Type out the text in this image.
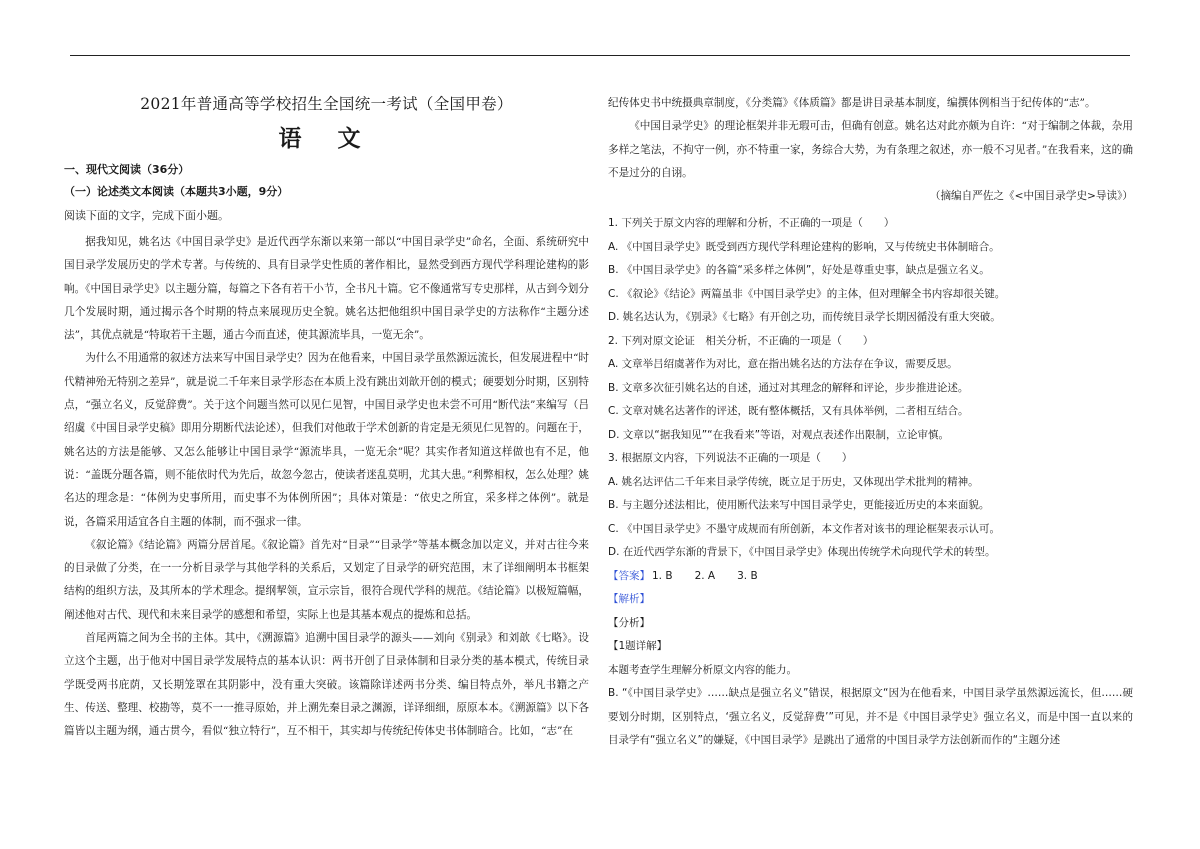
2021年普通高等学校招生全国统一考试（全国甲卷）
语 文
一、现代文阅读（36分）
（一）论述类文本阅读（本题共3小题，9分）
阅读下面的文字，完成下面小题。

据我知见，姚名达《中国目录学史》是近代西学东渐以来第一部以“中国目录学史”命名，全面、系统研究中国目录学发展历史的学术专著。与传统的、具有目录学史性质的著作相比，显然受到西方现代学科理论建构的影响。《中国目录学史》以主题分篇，每篇之下各有若干小节，全书凡十篇。它不像通常写专史那样，从古到今划分几个发展时期，通过揭示各个时期的特点来展现历史全貌。姚名达把他组织中国目录学史的方法称作“主题分述法”，其优点就是“特取若干主题，通古今而直述，使其源流毕具，一览无余”。

为什么不用通常的叙述方法来写中国目录学史？因为在他看来，中国目录学虽然源远流长，但发展进程中“时代精神殆无特别之差异”，就是说二千年来目录学形态在本质上没有跳出刘歆开创的模式；硬要划分时期，区别特点，“强立名义，反觉辞费”。关于这个问题当然可以见仁见智，中国目录学史也未尝不可用“断代法”来编写（吕绍虞《中国目录学史稿》即用分期断代法论述），但我们对他敢于学术创新的肯定是无须见仁见智的。问题在于，姚名达的方法是能够、又怎么能够让中国目录学“源流毕具，一览无余”呢？其实作者知道这样做也有不足，他说：“盖既分题各篇，则不能依时代为先后，故忽今忽古，使读者迷乱莫明，尤其大患。”利弊相权，怎么处理？姚名达的理念是：“体例为史事所用，而史事不为体例所困”；具体对策是：“依史之所宜，采多样之体例”。就是说，各篇采用适宜各自主题的体制，而不强求一律。

《叙论篇》《结论篇》两篇分居首尾。《叙论篇》首先对“目录”“目录学”等基本概念加以定义，并对古往今来的目录做了分类，在一一分析目录学与其他学科的关系后，又划定了目录学的研究范围，末了详细阐明本书框架结构的组织方法，及其所本的学术理念。提纲挈领，宣示宗旨，很符合现代学科的规范。《结论篇》以极短篇幅，阐述他对古代、现代和未来目录学的感想和希望，实际上也是其基本观点的提炼和总括。

首尾两篇之间为全书的主体。其中，《溯源篇》追溯中国目录学的源头——刘向《别录》和刘歆《七略》。设立这个主题，出于他对中国目录学发展特点的基本认识：两书开创了目录体制和目录分类的基本模式，传统目录学既受两书庇荫，又长期笼罩在其阴影中，没有重大突破。该篇除详述两书分类、编目特点外，举凡书籍之产生、传送、整理、校勘等，莫不一一推寻原始，并上溯先秦目录之渊源，详译细细，原原本本。《溯源篇》以下各篇皆以主题为纲，通古贯今，看似“独立特行”，互不相干，其实却与传统纪传体史书体制暗合。比如，“志”在

纪传体史书中统摄典章制度，《分类篇》《体质篇》都是讲目录基本制度，编撰体例相当于纪传体的“志”。

《中国目录学史》的理论框架并非无瑕可击，但确有创意。姚名达对此亦颇为自许：“对于编制之体裁，杂用多样之笔法，不拘守一例，亦不特重一家，务综合大势，为有条理之叙述，亦一般不习见者。”在我看来，这的确不是过分的自诩。

（摘编自严佐之《<中国目录学史>导读》）

1. 下列关于原文内容的理解和分析，不正确的一项是（　　）

A. 《中国目录学史》既受到西方现代学科理论建构的影响，又与传统史书体制暗合。

B. 《中国目录学史》的各篇“采多样之体例”，好处是尊重史事，缺点是强立名义。

C. 《叙论》《结论》两篇虽非《中国目录学史》的主体，但对理解全书内容却很关键。

D. 姚名达认为，《别录》《七略》有开创之功，而传统目录学长期因循没有重大突破。

2. 下列对原文论证　相关分析，不正确的一项是（　　）

A. 文章举吕绍虞著作为对比，意在指出姚名达的方法存在争议，需要反思。

B. 文章多次征引姚名达的自述，通过对其理念的解释和评论，步步推进论述。

C. 文章对姚名达著作的评述，既有整体概括，又有具体举例，二者相互结合。

D. 文章以“据我知见”“在我看来”等语，对观点表述作出限制，立论审慎。

3. 根据原文内容，下列说法不正确的一项是（　　）

A. 姚名达评估二千年来目录学传统，既立足于历史，又体现出学术批判的精神。

B. 与主题分述法相比，使用断代法来写中国目录学史，更能接近历史的本来面貌。

C. 《中国目录学史》不墨守成规而有所创新，本文作者对该书的理论框架表示认可。

D. 在近代西学东渐的背景下，《中国目录学史》体现出传统学术向现代学术的转型。

【答案】 1. B 2. A 3. B

【解析】

【分析】

【1题详解】

本题考查学生理解分析原文内容的能力。

B. “《中国目录学史》……缺点是强立名义”错误，根据原文“因为在他看来，中国目录学虽然源远流长，但……硬要划分时期，区别特点，‘强立名义，反觉辞费’”可见，并不是《中国目录学史》强立名义，而是中国一直以来的目录学有“强立名义”的嫌疑，《中国目录学》是跳出了通常的中国目录学方法创新而作的“主题分述
